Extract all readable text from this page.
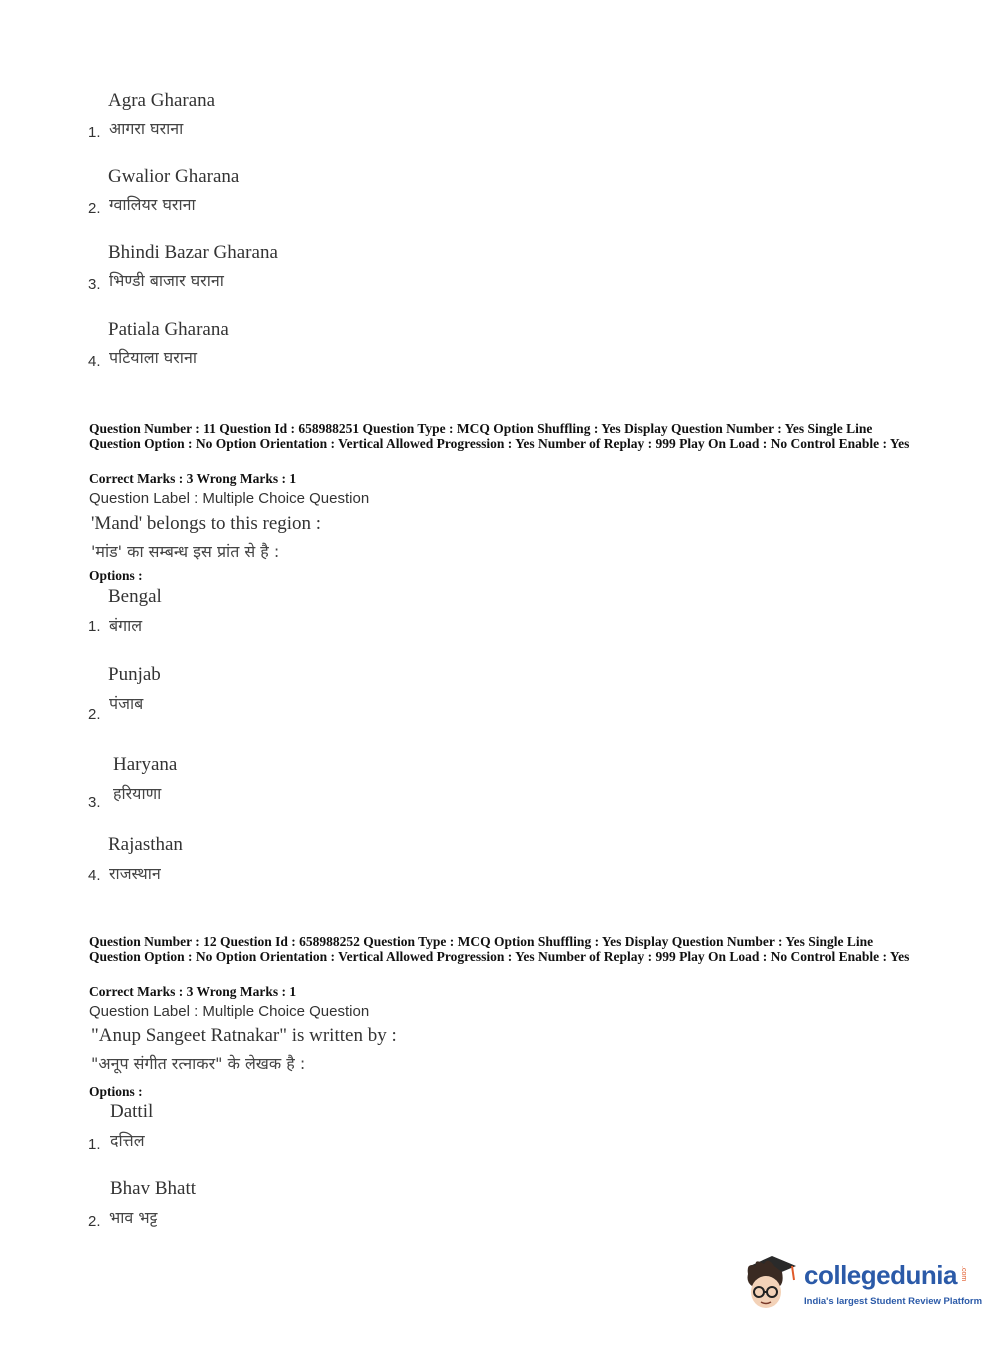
Agra Gharana
1. आगरा घराना
Gwalior Gharana
2. ग्वालियर घराना
Bhindi Bazar Gharana
3. भिण्डी बाजार घराना
Patiala Gharana
4. पटियाला घराना
Question Number : 11 Question Id : 658988251 Question Type : MCQ Option Shuffling : Yes Display Question Number : Yes Single Line Question Option : No Option Orientation : Vertical Allowed Progression : Yes Number of Replay : 999 Play On Load : No Control Enable : Yes
Correct Marks : 3 Wrong Marks : 1
Question Label : Multiple Choice Question
'Mand' belongs to this region :
'मांड' का सम्बन्ध इस प्रांत से है :
Options :
Bengal
1. बंगाल
Punjab
पंजाब
2.
Haryana
हरियाणा
3.
Rajasthan
4. राजस्थान
Question Number : 12 Question Id : 658988252 Question Type : MCQ Option Shuffling : Yes Display Question Number : Yes Single Line Question Option : No Option Orientation : Vertical Allowed Progression : Yes Number of Replay : 999 Play On Load : No Control Enable : Yes
Correct Marks : 3 Wrong Marks : 1
Question Label : Multiple Choice Question
"Anup Sangeet Ratnakar" is written by :
"अनूप संगीत रत्नाकर" के लेखक है :
Options :
Dattil
1. दत्तिल
Bhav Bhatt
2. भाव भट्ट
collegedunia .com
India's largest Student Review Platform
